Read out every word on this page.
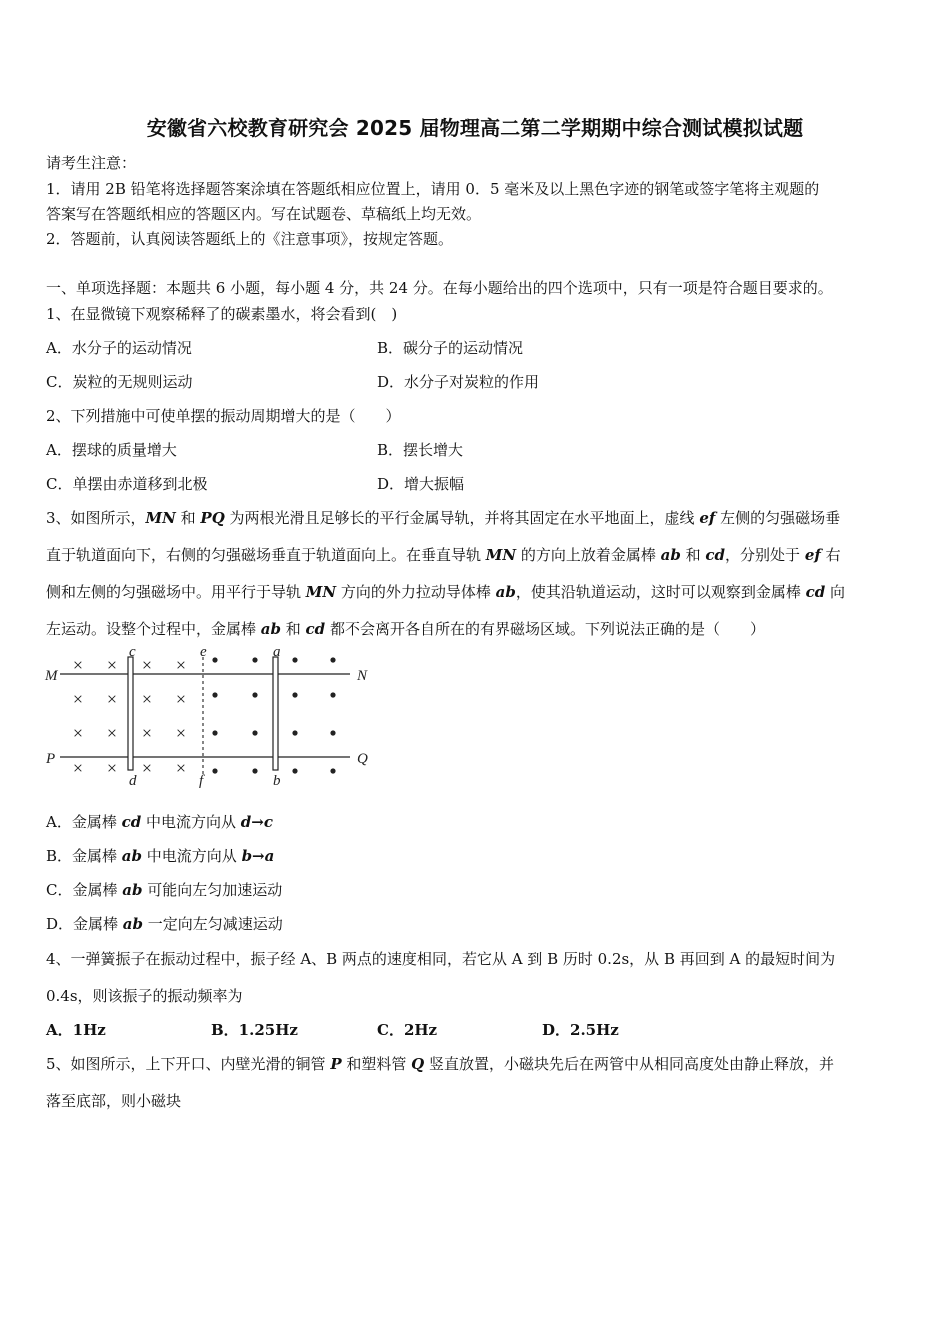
安徽省六校教育研究会 2025 届物理高二第二学期期中综合测试模拟试题
请考生注意：
1．请用 2B 铅笔将选择题答案涂填在答题纸相应位置上，请用 0．5 毫米及以上黑色字迹的钢笔或签字笔将主观题的
答案写在答题纸相应的答题区内。写在试题卷、草稿纸上均无效。
2．答题前，认真阅读答题纸上的《注意事项》，按规定答题。
一、单项选择题：本题共 6 小题，每小题 4 分，共 24 分。在每小题给出的四个选项中，只有一项是符合题目要求的。
1、在显微镜下观察稀释了的碳素墨水，将会看到(　)
A．水分子的运动情况	B．碳分子的运动情况
C．炭粒的无规则运动	D．水分子对炭粒的作用
2、下列措施中可使单摆的振动周期增大的是（　　）
A．摆球的质量增大	B．摆长增大
C．单摆由赤道移到北极	D．增大振幅
3、如图所示，MN 和 PQ 为两根光滑且足够长的平行金属导轨，并将其固定在水平地面上，虚线 ef 左侧的匀强磁场垂
直于轨道面向下，右侧的匀强磁场垂直于轨道面向上。在垂直导轨 MN 的方向上放着金属棒 ab 和 cd，分别处于 ef 右
侧和左侧的匀强磁场中。用平行于导轨 MN 方向的外力拉动导体棒 ab，使其沿轨道运动，这时可以观察到金属棒 cd 向
左运动。设整个过程中，金属棒 ab 和 cd 都不会离开各自所在的有界磁场区域。下列说法正确的是（　　）
× × × ×
× × × ×
× × × ×
× × × ×
M	N
P	Q
c
d
e
f
a
b
A．金属棒 cd 中电流方向从 d→c
B．金属棒 ab 中电流方向从 b→a
C．金属棒 ab 可能向左匀加速运动
D．金属棒 ab 一定向左匀减速运动
4、一弹簧振子在振动过程中，振子经 A、B 两点的速度相同，若它从 A 到 B 历时 0.2s，从 B 再回到 A 的最短时间为
0.4s，则该振子的振动频率为
A．1Hz	B．1.25Hz	C．2Hz	D．2.5Hz
5、如图所示，上下开口、内壁光滑的铜管 P 和塑料管 Q 竖直放置，小磁块先后在两管中从相同高度处由静止释放，并
落至底部，则小磁块
